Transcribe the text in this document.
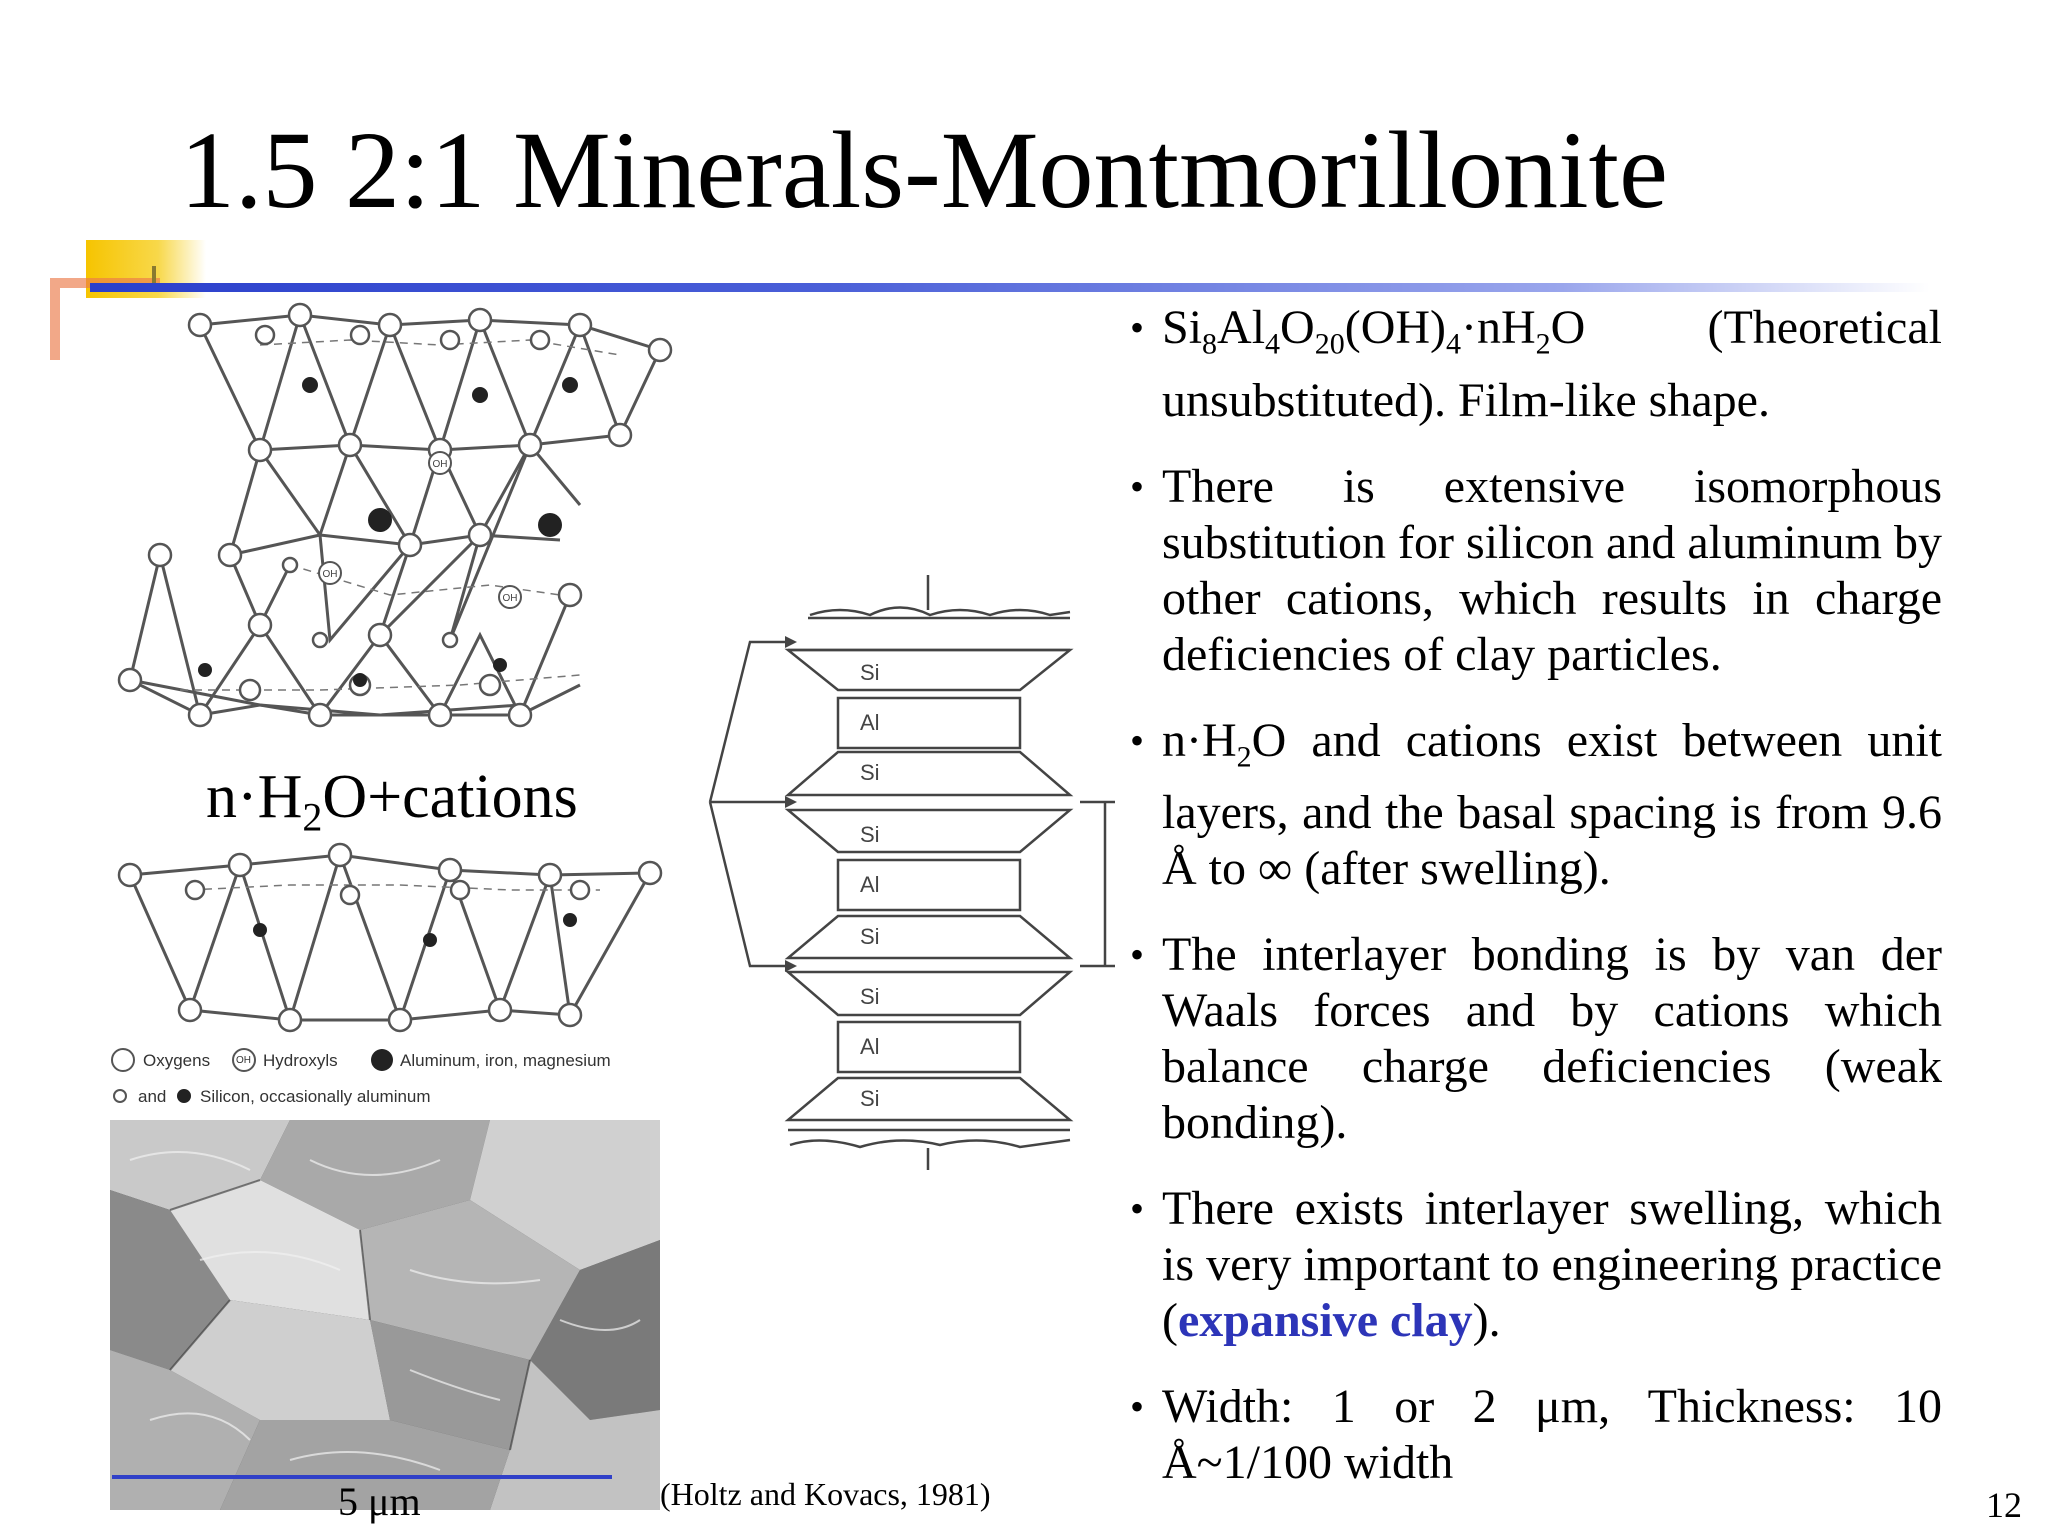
1.5 2:1 Minerals-Montmorillonite
OH
OH
OH
$n\cdot H_2O+cations$
Oxygens	OH Hydroxyls	Aluminum, iron, magnesium
and Silicon, occasionally aluminum
5 μm	(Holtz and Kovacs, 1981)
Si
Al
Si
Si
Al
Si
Si
Al
Si
• $Si_8Al_4O_{20}(OH)_4\cdot nH_2O$ (Theoretical unsubstituted). Film-like shape.
• There is extensive isomorphous substitution for silicon and aluminum by other cations, which results in charge deficiencies of clay particles.
• $n\cdot H_2O$ and cations exist between unit layers, and the basal spacing is from 9.6 Å to ∞ (after swelling).
• The interlayer bonding is by van der Waals forces and by cations which balance charge deficiencies (weak bonding).
• There exists interlayer swelling, which is very important to engineering practice (expansive clay).
• Width: 1 or 2 μm, Thickness: 10 Å~1/100 width
12
